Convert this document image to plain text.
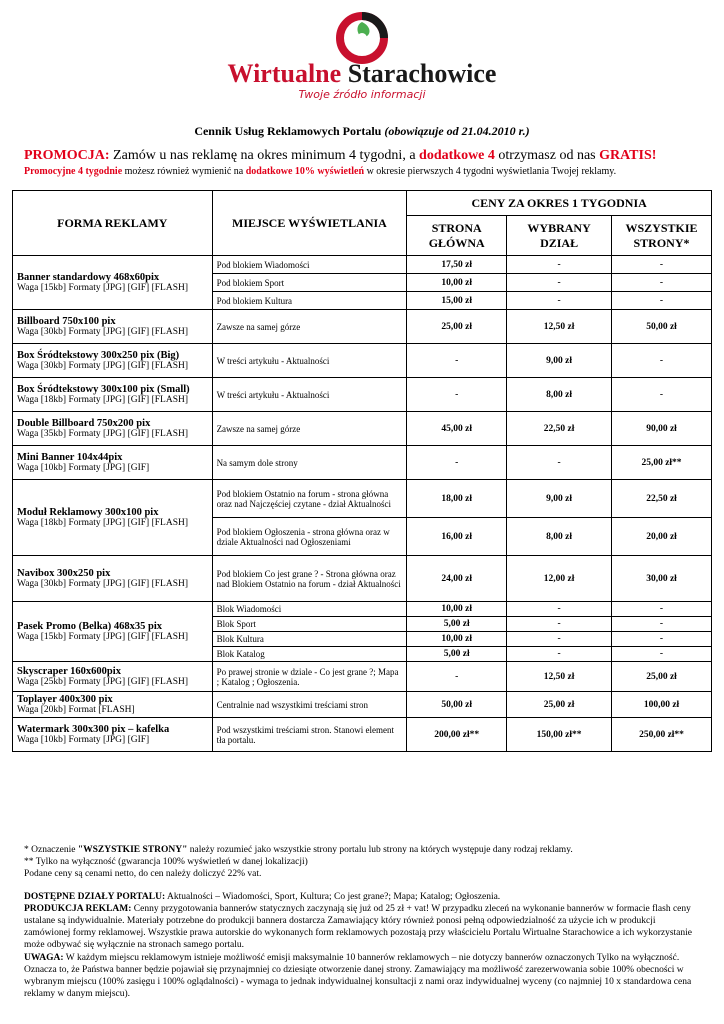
Wirtualne Starachowice
Twoje źródło informacji
Cennik Usług Reklamowych Portalu (obowiązuje od 21.04.2010 r.)
PROMOCJA: Zamów u nas reklamę na okres minimum 4 tygodni, a dodatkowe 4 otrzymasz od nas GRATIS!
Promocyjne 4 tygodnie możesz również wymienić na dodatkowe 10% wyświetleń w okresie pierwszych 4 tygodni wyświetlania Twojej reklamy.
FORMA REKLAMY	MIEJSCE WYŚWIETLANIA	CENY ZA OKRES 1 TYGODNIA		
		STRONA GŁÓWNA	WYBRANY DZIAŁ	WSZYSTKIE STRONY*

Banner standardowy 468x60pix
Waga [15kb] Formaty [JPG] [GIF] [FLASH]	Pod blokiem Wiadomości	17,50 zł	-	-
	Pod blokiem Sport	10,00 zł	-	-
	Pod blokiem Kultura	15,00 zł	-	-

Billboard 750x100 pix
Waga [30kb] Formaty [JPG] [GIF] [FLASH]	Zawsze na samej górze	25,00 zł	12,50 zł	50,00 zł

Box Śródtekstowy 300x250 pix (Big)
Waga [30kb] Formaty [JPG] [GIF] [FLASH]	W treści artykułu - Aktualności	-	9,00 zł	-

Box Śródtekstowy 300x100 pix (Small)
Waga [18kb] Formaty [JPG] [GIF] [FLASH]	W treści artykułu - Aktualności	-	8,00 zł	-

Double Billboard 750x200 pix
Waga [35kb] Formaty [JPG] [GIF] [FLASH]	Zawsze na samej górze	45,00 zł	22,50 zł	90,00 zł

Mini Banner 104x44pix
Waga [10kb] Formaty [JPG] [GIF]	Na samym dole strony	-	-	25,00 zł**

Moduł Reklamowy 300x100 pix
Waga [18kb] Formaty [JPG] [GIF] [FLASH]	Pod blokiem Ostatnio na forum - strona główna oraz nad Najczęściej czytane - dział Aktualności	18,00 zł	9,00 zł	22,50 zł
	Pod blokiem Ogłoszenia - strona główna oraz w dziale Aktualności nad Ogłoszeniami	16,00 zł	8,00 zł	20,00 zł

Navibox 300x250 pix
Waga [30kb] Formaty [JPG] [GIF] [FLASH]	Pod blokiem Co jest grane ? - Strona główna oraz nad Blokiem Ostatnio na forum - dział Aktualności	24,00 zł	12,00 zł	30,00 zł

Pasek Promo (Belka) 468x35 pix
Waga [15kb] Formaty [JPG] [GIF] [FLASH]	Blok Wiadomości	10,00 zł	-	-
	Blok Sport	5,00 zł	-	-
	Blok Kultura	10,00 zł	-	-
	Blok Katalog	5,00 zł	-	-

Skyscraper 160x600pix
Waga [25kb] Formaty [JPG] [GIF] [FLASH]	Po prawej stronie w dziale - Co jest grane ?; Mapa ; Katalog ; Ogłoszenia.	-	12,50 zł	25,00 zł

Toplayer 400x300 pix
Waga [20kb] Format [FLASH]	Centralnie nad wszystkimi treściami stron	50,00 zł	25,00 zł	100,00 zł

Watermark 300x300 pix – kafelka
Waga [10kb] Formaty [JPG] [GIF]	Pod wszystkimi treściami stron. Stanowi element tła portalu.	200,00 zł**	150,00 zł**	250,00 zł**

* Oznaczenie "WSZYSTKIE STRONY" należy rozumieć jako wszystkie strony portalu lub strony na których występuje dany rodzaj reklamy.

** Tylko na wyłączność (gwarancja 100% wyświetleń w danej lokalizacji)

Podane ceny są cenami netto, do cen należy doliczyć 22% vat.

DOSTĘPNE DZIAŁY PORTALU: Aktualności – Wiadomości, Sport, Kultura; Co jest grane?; Mapa; Katalog; Ogłoszenia.

PRODUKCJA REKLAM: Cenny przygotowania bannerów statycznych zaczynają się już od 25 zł + vat! W przypadku zleceń na wykonanie bannerów w formacie flash ceny ustalane są indywidualnie. Materiały potrzebne do produkcji bannera dostarcza Zamawiający który również ponosi pełną odpowiedzialność za użycie ich w produkcji zamówionej formy reklamowej. Wszystkie prawa autorskie do wykonanych form reklamowych pozostają przy właścicielu Portalu Wirtualne Starachowice a ich wykorzystanie może odbywać się wyłącznie na stronach samego portalu.

UWAGA: W każdym miejscu reklamowym istnieje możliwość emisji maksymalnie 10 bannerów reklamowych – nie dotyczy bannerów oznaczonych Tylko na wyłączność. Oznacza to, że Państwa banner będzie pojawiał się przynajmniej co dziesiąte otworzenie danej strony. Zamawiający ma możliwość zarezerwowania sobie 100% obecności w wybranym miejscu (100% zasięgu i 100% oglądalności) - wymaga to jednak indywidualnej konsultacji z nami oraz indywidualnej wyceny (co najmniej 10 x standardowa cena reklamy w danym miejscu).
